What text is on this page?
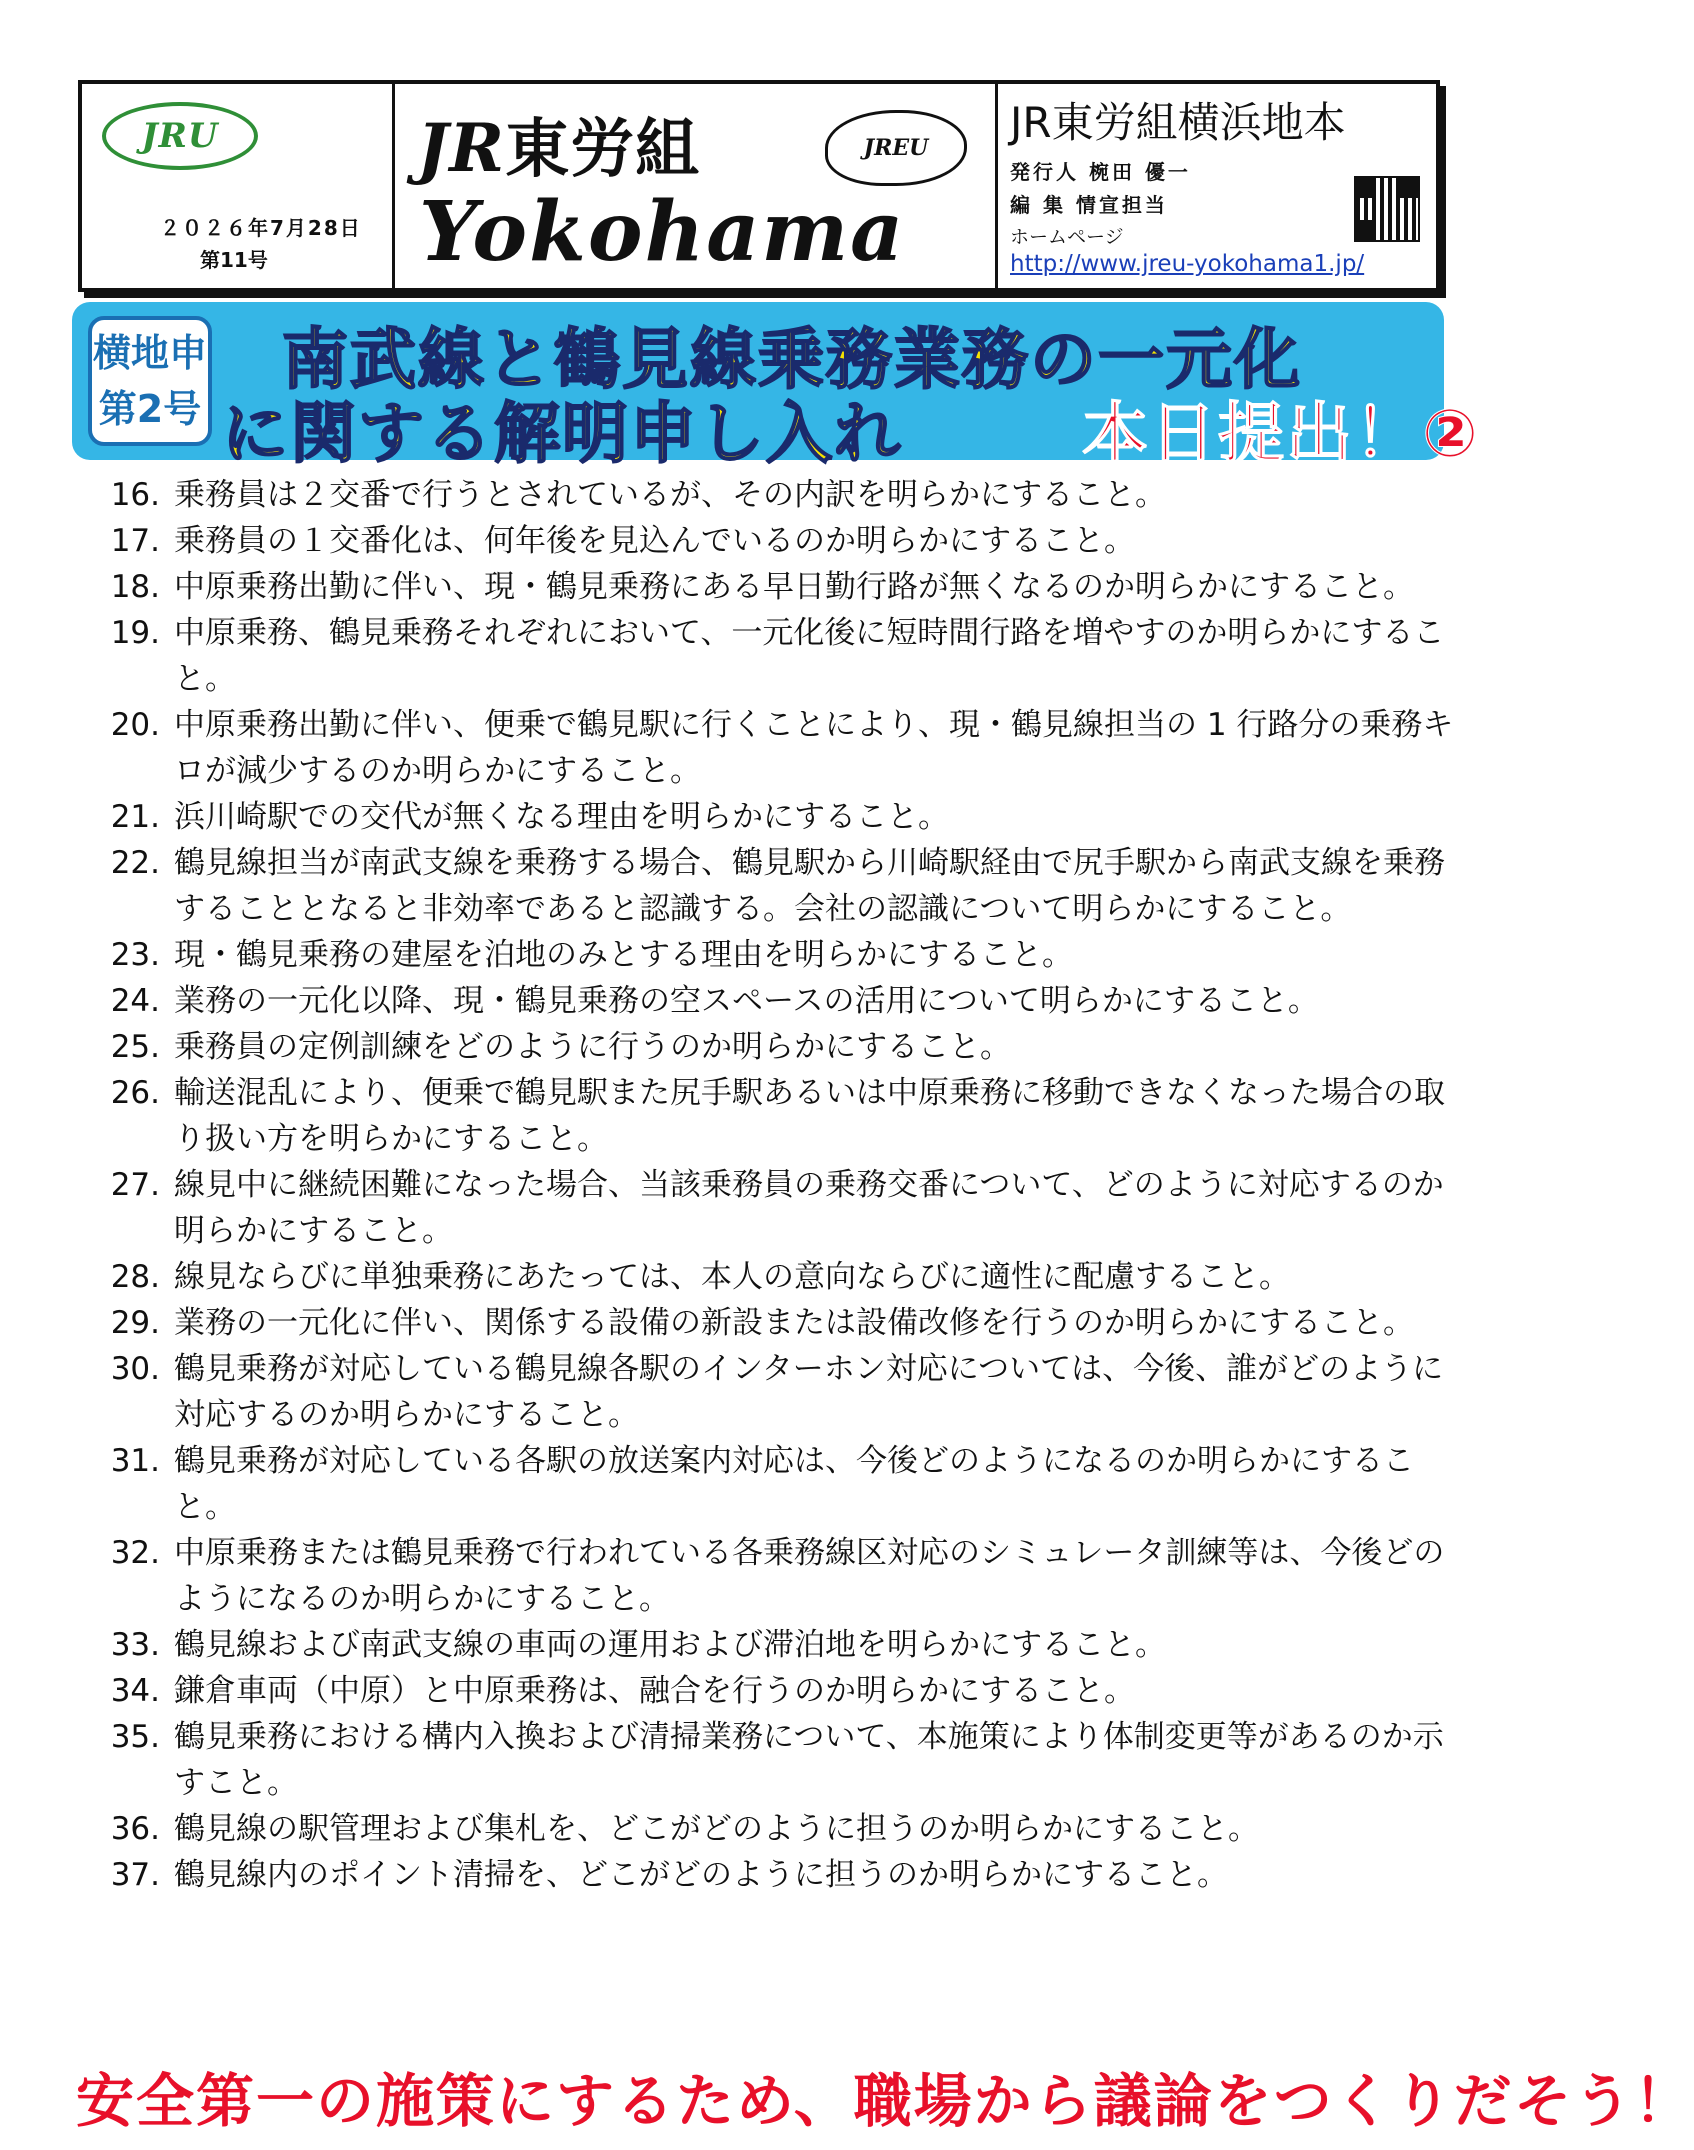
JRU
２０２６年7月28日
第11号
JR東労組	JREU
Yokohama
JR東労組横浜地本
発行人 椀田 優一
編 集 情宣担当
ホームページ
http://www.jreu-yokohama1.jp/
横地申
第2号
南武線と鶴見線乗務業務の一元化
に関する解明申し入れ	本日提出！②
16. 乗務員は２交番で行うとされているが、その内訳を明らかにすること。
17. 乗務員の１交番化は、何年後を見込んでいるのか明らかにすること。
18. 中原乗務出勤に伴い、現・鶴見乗務にある早日勤行路が無くなるのか明らかにすること。
19. 中原乗務、鶴見乗務それぞれにおいて、一元化後に短時間行路を増やすのか明らかにすること。
20. 中原乗務出勤に伴い、便乗で鶴見駅に行くことにより、現・鶴見線担当の 1 行路分の乗務キロが減少するのか明らかにすること。
21. 浜川崎駅での交代が無くなる理由を明らかにすること。
22. 鶴見線担当が南武支線を乗務する場合、鶴見駅から川崎駅経由で尻手駅から南武支線を乗務することとなると非効率であると認識する。会社の認識について明らかにすること。
23. 現・鶴見乗務の建屋を泊地のみとする理由を明らかにすること。
24. 業務の一元化以降、現・鶴見乗務の空スペースの活用について明らかにすること。
25. 乗務員の定例訓練をどのように行うのか明らかにすること。
26. 輸送混乱により、便乗で鶴見駅また尻手駅あるいは中原乗務に移動できなくなった場合の取り扱い方を明らかにすること。
27. 線見中に継続困難になった場合、当該乗務員の乗務交番について、どのように対応するのか明らかにすること。
28. 線見ならびに単独乗務にあたっては、本人の意向ならびに適性に配慮すること。
29. 業務の一元化に伴い、関係する設備の新設または設備改修を行うのか明らかにすること。
30. 鶴見乗務が対応している鶴見線各駅のインターホン対応については、今後、誰がどのように対応するのか明らかにすること。
31. 鶴見乗務が対応している各駅の放送案内対応は、今後どのようになるのか明らかにすること。
32. 中原乗務または鶴見乗務で行われている各乗務線区対応のシミュレータ訓練等は、今後どのようになるのか明らかにすること。
33. 鶴見線および南武支線の車両の運用および滞泊地を明らかにすること。
34. 鎌倉車両（中原）と中原乗務は、融合を行うのか明らかにすること。
35. 鶴見乗務における構内入換および清掃業務について、本施策により体制変更等があるのか示すこと。
36. 鶴見線の駅管理および集札を、どこがどのように担うのか明らかにすること。
37. 鶴見線内のポイント清掃を、どこがどのように担うのか明らかにすること。
安全第一の施策にするため、職場から議論をつくりだそう！
